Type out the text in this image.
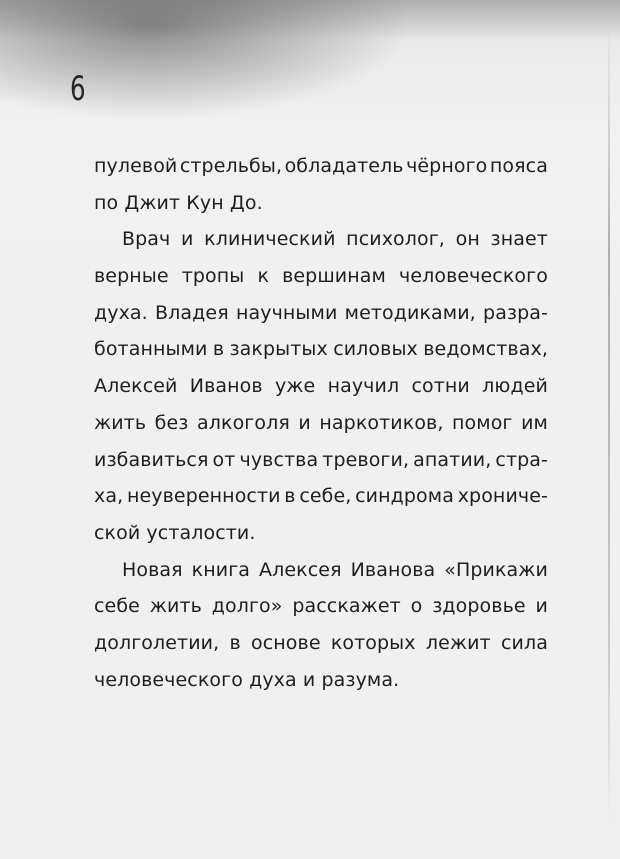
6
пулевой стрельбы, обладатель чёрного пояса
по Джит Кун До.
Врач и клинический психолог, он знает
верные тропы к вершинам человеческого
духа. Владея научными методиками, разра-
ботанными в закрытых силовых ведомствах,
Алексей Иванов уже научил сотни людей
жить без алкоголя и наркотиков, помог им
избавиться от чувства тревоги, апатии, стра-
ха, неуверенности в себе, синдрома хрониче-
ской усталости.
Новая книга Алексея Иванова «Прикажи
себе жить долго» расскажет о здоровье и
долголетии, в основе которых лежит сила
человеческого духа и разума.
